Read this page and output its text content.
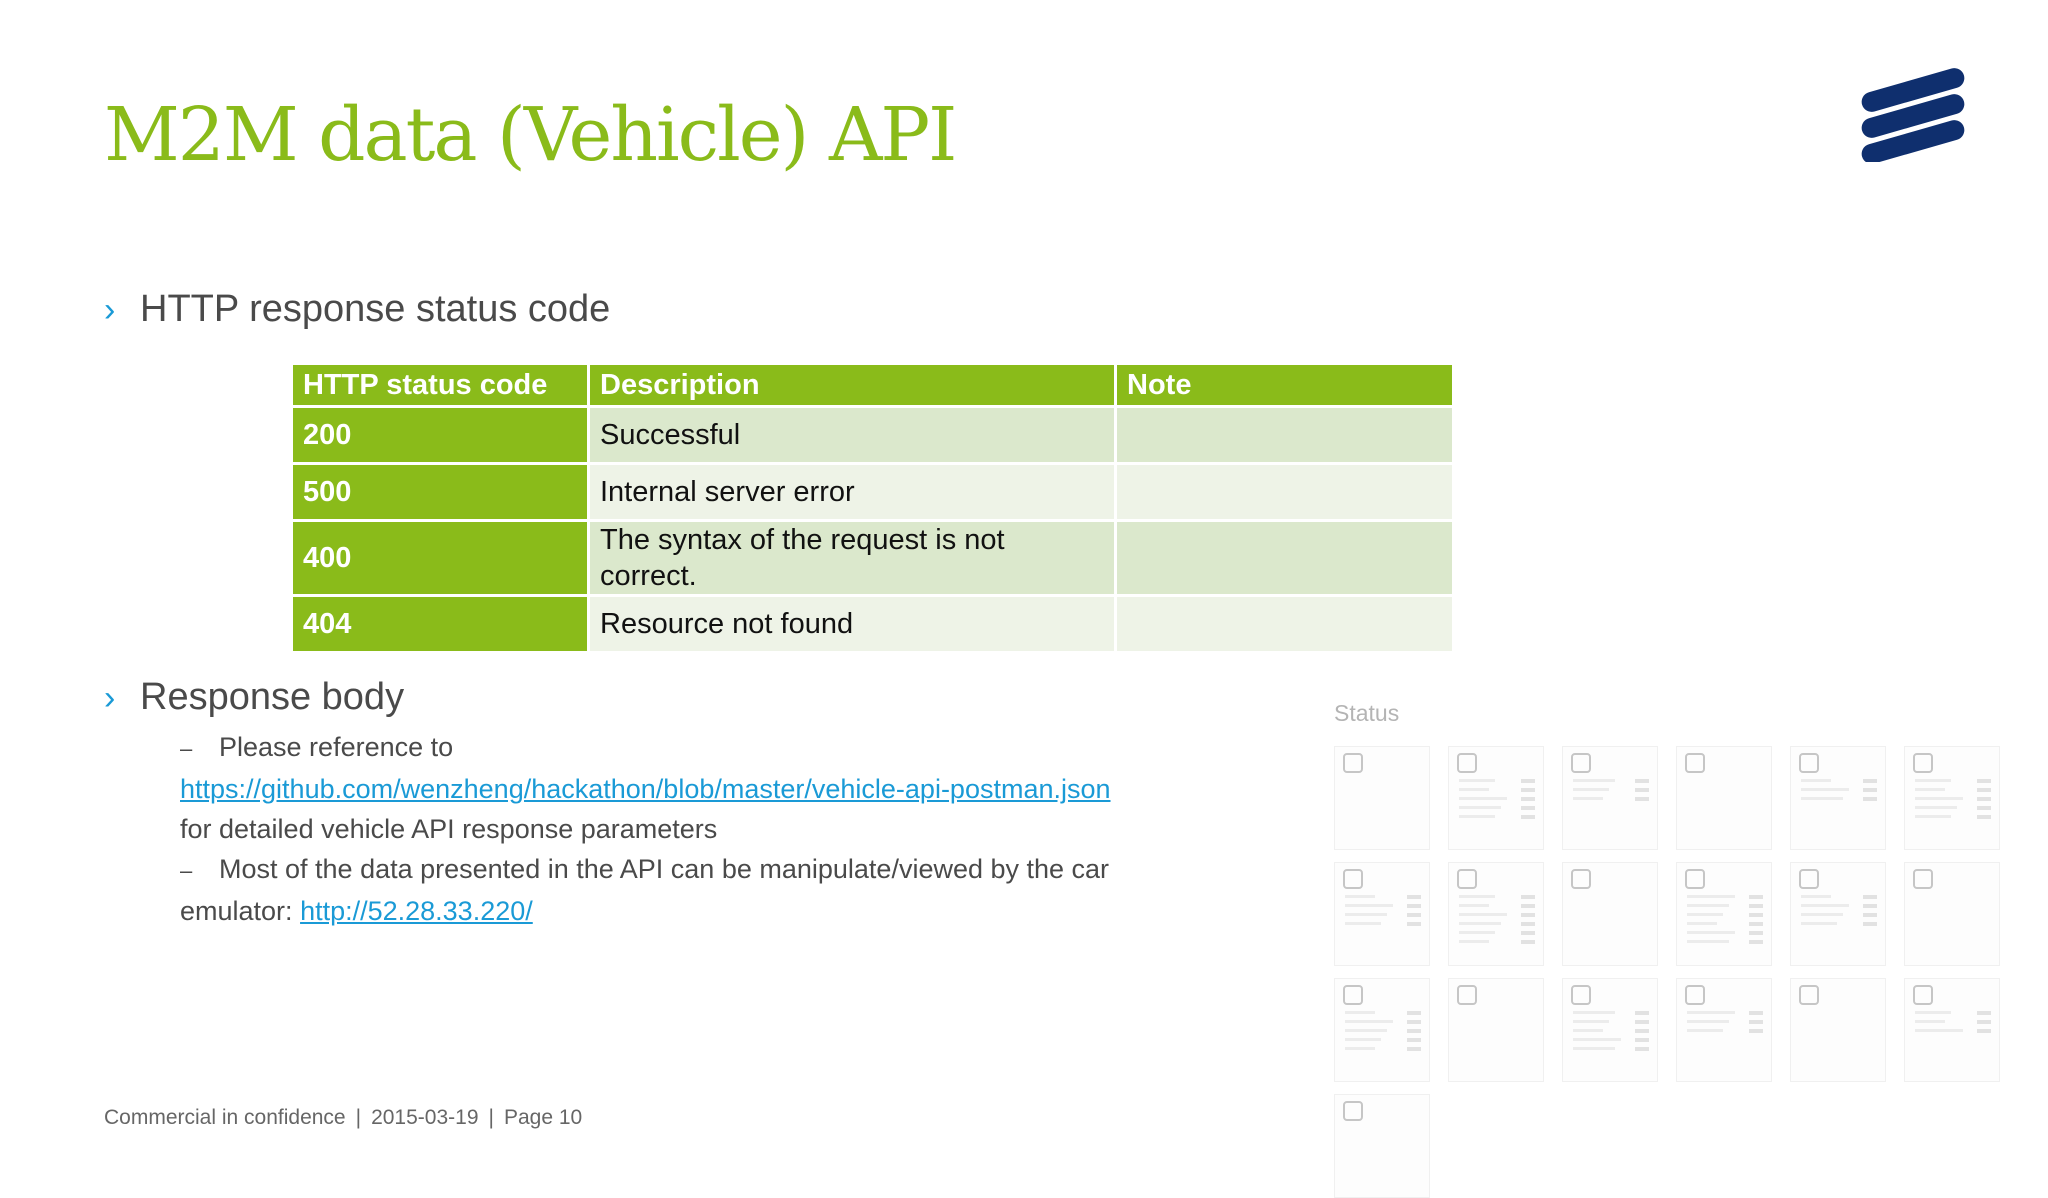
M2M data (Vehicle) API
› HTTP response status code
HTTP status code	Description	Note
200	Successful	
500	Internal server error	
400	The syntax of the request is not correct.	
404	Resource not found	
› Response body
– Please reference to
https://github.com/wenzheng/hackathon/blob/master/vehicle-api-postman.json
for detailed vehicle API response parameters
– Most of the data presented in the API can be manipulate/viewed by the car
emulator: http://52.28.33.220/
Status
Commercial in confidence | 2015-03-19 | Page 10
